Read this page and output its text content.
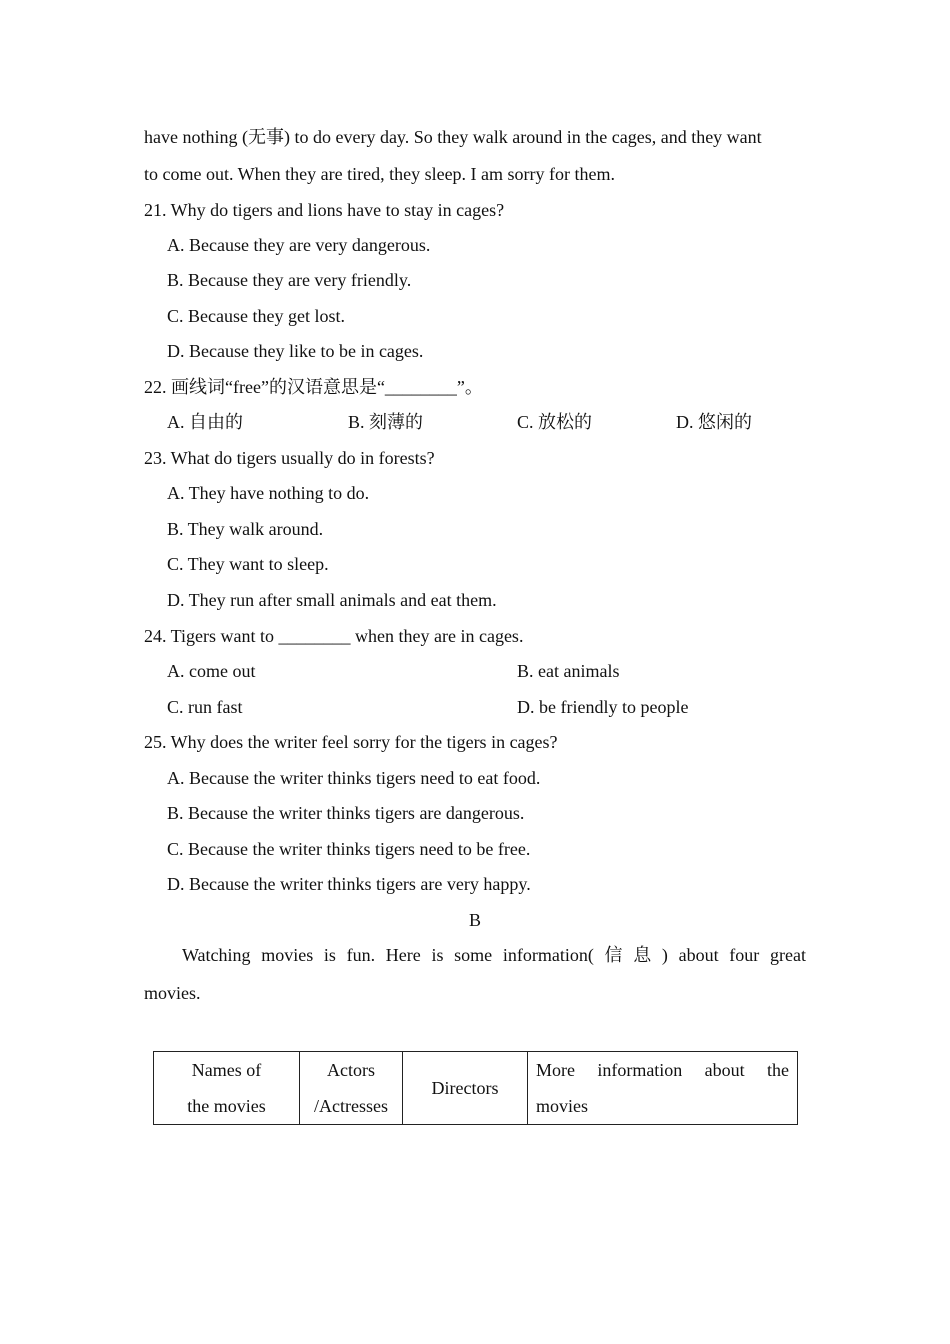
have nothing (无事) to do every day. So they walk around in the cages, and they want
to come out. When they are tired, they sleep. I am sorry for them.
21. Why do tigers and lions have to stay in cages?
A. Because they are very dangerous.
B. Because they are very friendly.
C. Because they get lost.
D. Because they like to be in cages.
22. 画线词“free”的汉语意思是“________”。
A. 自由的	B. 刻薄的	C. 放松的	D. 悠闲的
23. What do tigers usually do in forests?
A. They have nothing to do.
B. They walk around.
C. They want to sleep.
D. They run after small animals and eat them.
24. Tigers want to ________ when they are in cages.
A. come out	B. eat animals
C. run fast	D. be friendly to people
25. Why does the writer feel sorry for the tigers in cages?
A. Because the writer thinks tigers need to eat food.
B. Because the writer thinks tigers are dangerous.
C. Because the writer thinks tigers need to be free.
D. Because the writer thinks tigers are very happy.
B
Watching movies is fun. Here is some information( 信 息 ) about four great
movies.
Names of
the movies

Actors
/Actresses

Directors

More information about the
movies
